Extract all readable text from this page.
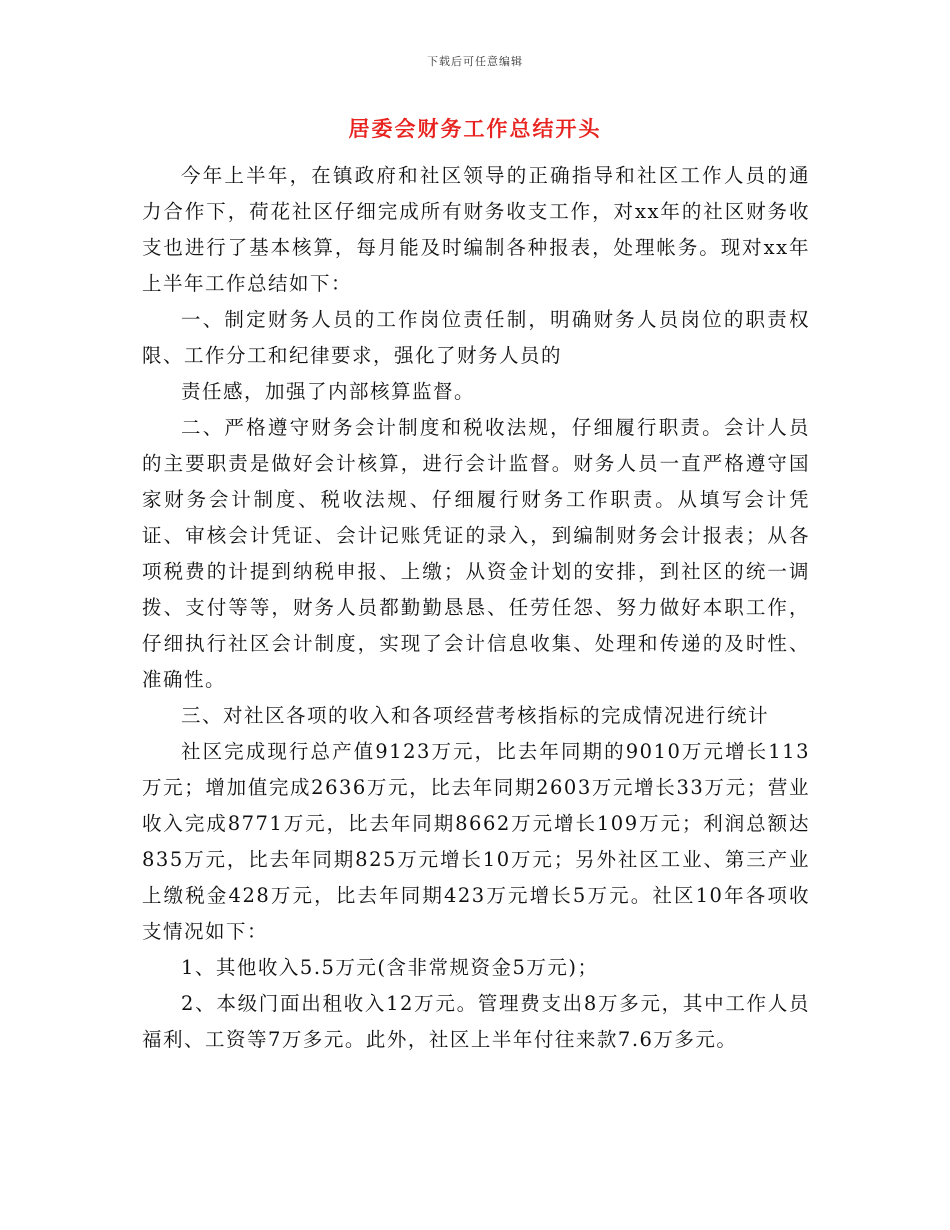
下载后可任意编辑
居委会财务工作总结开头

今年上半年，在镇政府和社区领导的正确指导和社区工作人员的通力合作下，荷花社区仔细完成所有财务收支工作，对xx年的社区财务收支也进行了基本核算，每月能及时编制各种报表，处理帐务。现对xx年上半年工作总结如下：

一、制定财务人员的工作岗位责任制，明确财务人员岗位的职责权限、工作分工和纪律要求，强化了财务人员的

责任感，加强了内部核算监督。

二、严格遵守财务会计制度和税收法规，仔细履行职责。会计人员的主要职责是做好会计核算，进行会计监督。财务人员一直严格遵守国家财务会计制度、税收法规、仔细履行财务工作职责。从填写会计凭证、审核会计凭证、会计记账凭证的录入，到编制财务会计报表；从各项税费的计提到纳税申报、上缴；从资金计划的安排，到社区的统一调拨、支付等等，财务人员都勤勤恳恳、任劳任怨、努力做好本职工作，仔细执行社区会计制度，实现了会计信息收集、处理和传递的及时性、准确性。

三、对社区各项的收入和各项经营考核指标的完成情况进行统计

社区完成现行总产值9123万元，比去年同期的9010万元增长113万元；增加值完成2636万元，比去年同期2603万元增长33万元；营业收入完成8771万元，比去年同期8662万元增长109万元；利润总额达835万元，比去年同期825万元增长10万元；另外社区工业、第三产业上缴税金428万元，比去年同期423万元增长5万元。社区10年各项收支情况如下：

1、其他收入5.5万元(含非常规资金5万元)；

2、本级门面出租收入12万元。管理费支出8万多元，其中工作人员福利、工资等7万多元。此外，社区上半年付往来款7.6万多元。
